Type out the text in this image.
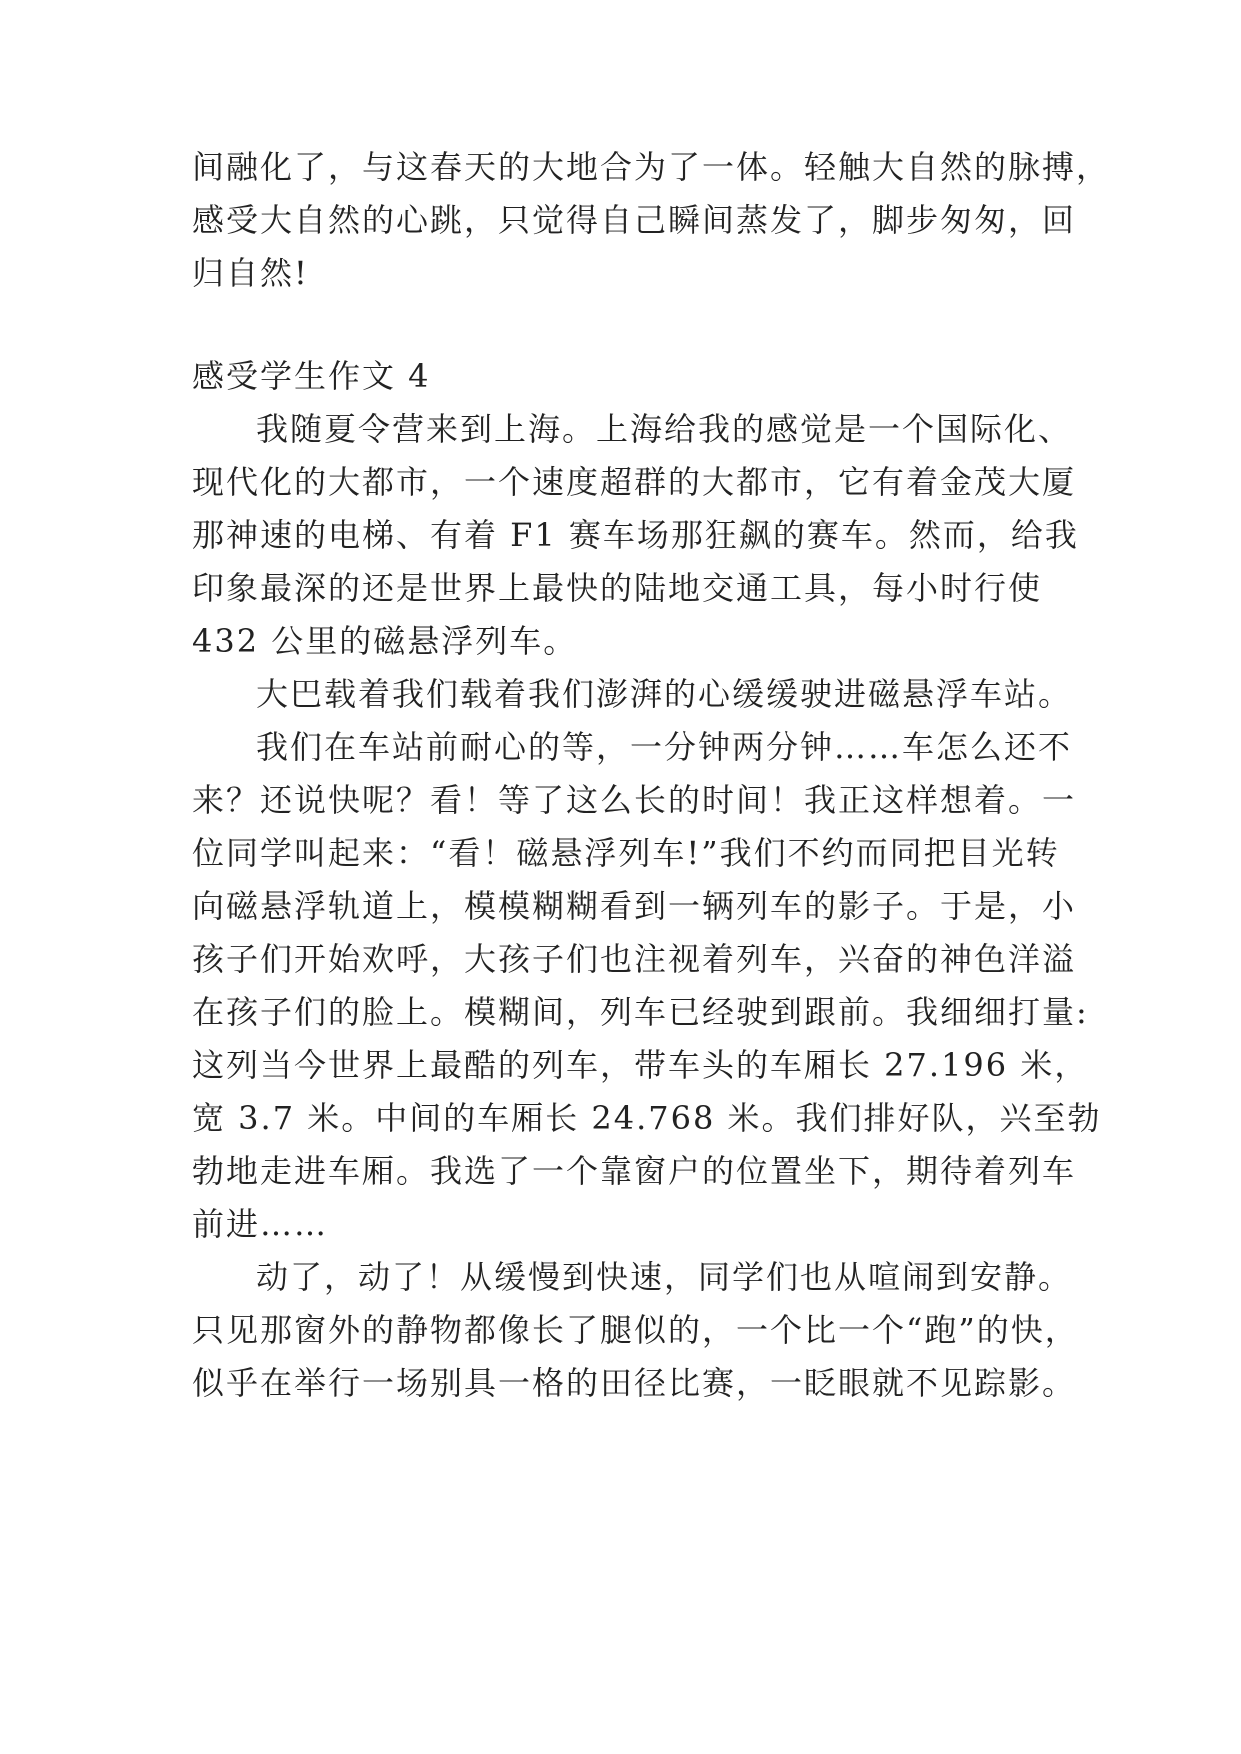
间融化了，与这春天的大地合为了一体。轻触大自然的脉搏，
感受大自然的心跳，只觉得自己瞬间蒸发了，脚步匆匆，回
归自然!
感受学生作文 4
我随夏令营来到上海。上海给我的感觉是一个国际化、
现代化的大都市，一个速度超群的大都市，它有着金茂大厦
那神速的电梯、有着 F1 赛车场那狂飙的赛车。然而，给我
印象最深的还是世界上最快的陆地交通工具，每小时行使
432 公里的磁悬浮列车。
大巴载着我们载着我们澎湃的心缓缓驶进磁悬浮车站。
我们在车站前耐心的等，一分钟两分钟……车怎么还不
来？还说快呢？看！等了这么长的时间！我正这样想着。一
位同学叫起来：“看！磁悬浮列车!”我们不约而同把目光转
向磁悬浮轨道上，模模糊糊看到一辆列车的影子。于是，小
孩子们开始欢呼，大孩子们也注视着列车，兴奋的神色洋溢
在孩子们的脸上。模糊间，列车已经驶到跟前。我细细打量:
这列当今世界上最酷的列车，带车头的车厢长 27.196 米，
宽 3.7 米。中间的车厢长 24.768 米。我们排好队，兴至勃
勃地走进车厢。我选了一个靠窗户的位置坐下，期待着列车
前进……
动了，动了！从缓慢到快速，同学们也从喧闹到安静。
只见那窗外的静物都像长了腿似的，一个比一个“跑”的快，
似乎在举行一场别具一格的田径比赛，一眨眼就不见踪影。
